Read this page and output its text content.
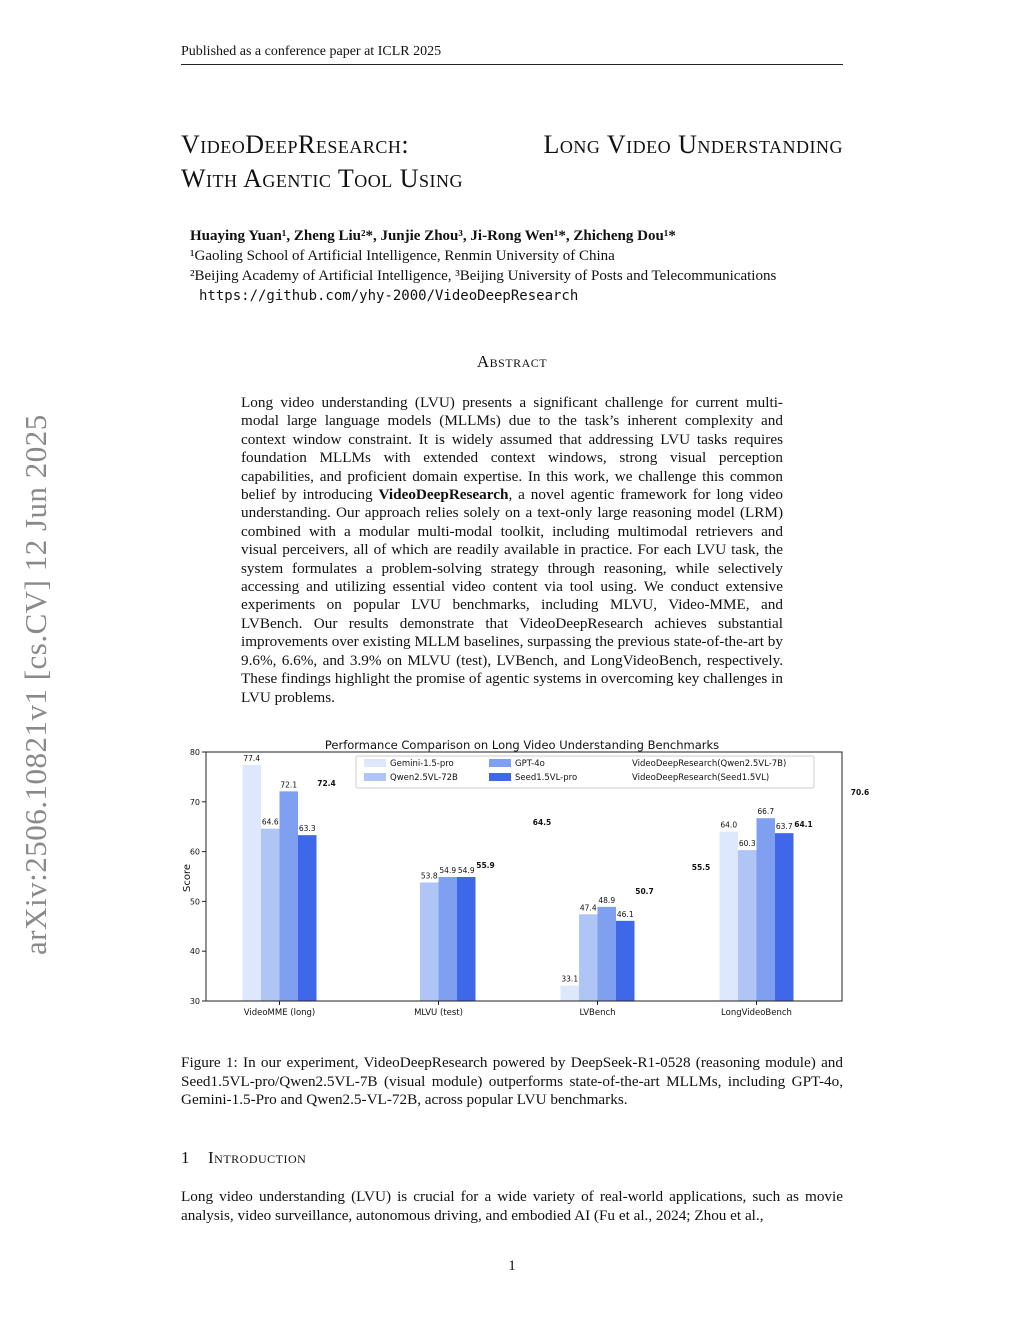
Published as a conference paper at ICLR 2025
arXiv:2506.10821v1 [cs.CV] 12 Jun 2025
VideoDeepResearch:	Long Video Understanding
With Agentic Tool Using
Huaying Yuan¹, Zheng Liu²*, Junjie Zhou³, Ji-Rong Wen¹*, Zhicheng Dou¹*
¹Gaoling School of Artificial Intelligence, Renmin University of China
²Beijing Academy of Artificial Intelligence, ³Beijing University of Posts and Telecommunications
https://github.com/yhy-2000/VideoDeepResearch
Abstract
Long video understanding (LVU) presents a significant challenge for current multi-modal large language models (MLLMs) due to the task’s inherent complexity and context window constraint. It is widely assumed that addressing LVU tasks requires foundation MLLMs with extended context windows, strong visual perception capabilities, and proficient domain expertise. In this work, we challenge this common belief by introducing VideoDeepResearch, a novel agentic framework for long video understanding. Our approach relies solely on a text-only large reasoning model (LRM) combined with a modular multi-modal toolkit, including multimodal retrievers and visual perceivers, all of which are readily available in practice. For each LVU task, the system formulates a problem-solving strategy through reasoning, while selectively accessing and utilizing essential video content via tool using. We conduct extensive experiments on popular LVU benchmarks, including MLVU, Video-MME, and LVBench. Our results demonstrate that VideoDeepResearch achieves substantial improvements over existing MLLM baselines, surpassing the previous state-of-the-art by 9.6%, 6.6%, and 3.9% on MLVU (test), LVBench, and LongVideoBench, respectively. These findings highlight the promise of agentic systems in overcoming key challenges in LVU problems.
Performance Comparison on Long Video Understanding Benchmarks
Score
77.4
64.6
72.1
63.3
72.4
53.8
54.9 54.9
55.9
64.5
33.1
47.4
48.9
46.1
50.7
55.5
64.0
60.3
66.7
63.7 64.1
70.6
VideoMME (long)	MLVU (test)	LVBench	LongVideoBench
30
40
50
60
70
80
Gemini-1.5-pro
Qwen2.5VL-72B
GPT-4o
Seed1.5VL-pro
VideoDeepResearch(Qwen2.5VL-7B)
VideoDeepResearch(Seed1.5VL)
Figure 1: In our experiment, VideoDeepResearch powered by DeepSeek-R1-0528 (reasoning module) and Seed1.5VL-pro/Qwen2.5VL-7B (visual module) outperforms state-of-the-art MLLMs, including GPT-4o, Gemini-1.5-Pro and Qwen2.5-VL-72B, across popular LVU benchmarks.
1 Introduction
Long video understanding (LVU) is crucial for a wide variety of real-world applications, such as movie analysis, video surveillance, autonomous driving, and embodied AI (Fu et al., 2024; Zhou et al.,
1
